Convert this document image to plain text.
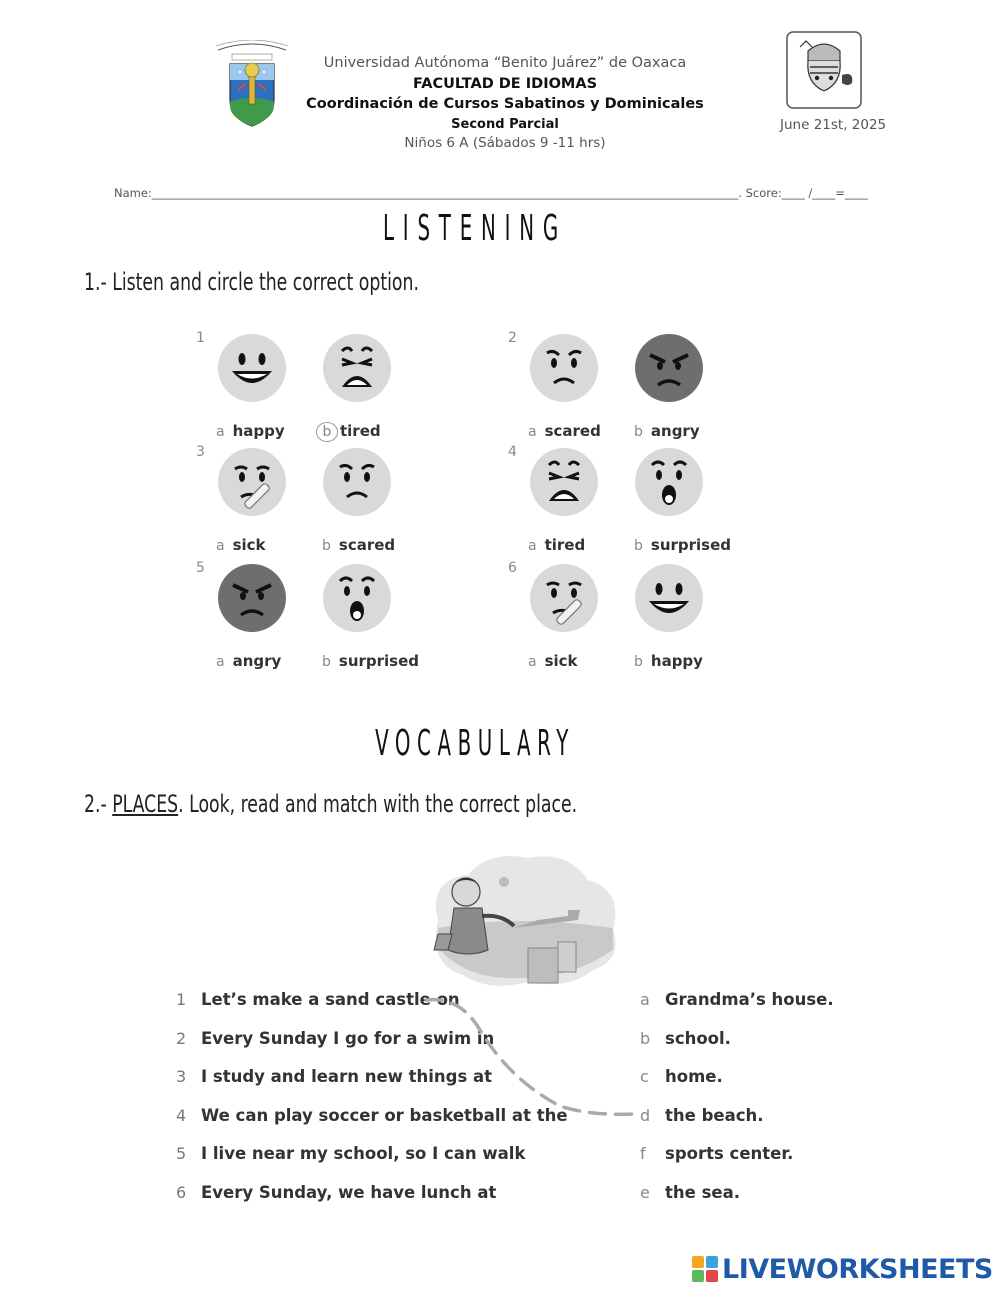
Universidad Autónoma “Benito Juárez” de Oaxaca
FACULTAD DE IDIOMAS
Coordinación de Cursos Sabatinos y Dominicales
Second Parcial
Niños 6 A (Sábados 9 -11 hrs)
June 21st, 2025
Name:______________________________________________________________________________________________________. Score:____ /____=____
LISTENING
1.- Listen and circle the correct option.
1
a happy	b tired
2
a scared b angry
3
a sick	b scared
4
a tired	b surprised
5
a angry	b surprised
6
a sick	b happy
VOCABULARY
2.- PLACES. Look, read and match with the correct place.
1 Let’s make a sand castle on	a Grandma’s house.
2 Every Sunday I go for a swim in	b school.
3 I study and learn new things at	c home.
4 We can play soccer or basketball at the	d the beach.
5 I live near my school, so I can walk	f sports center.
6 Every Sunday, we have lunch at	e the sea.
LIVEWORKSHEETS
